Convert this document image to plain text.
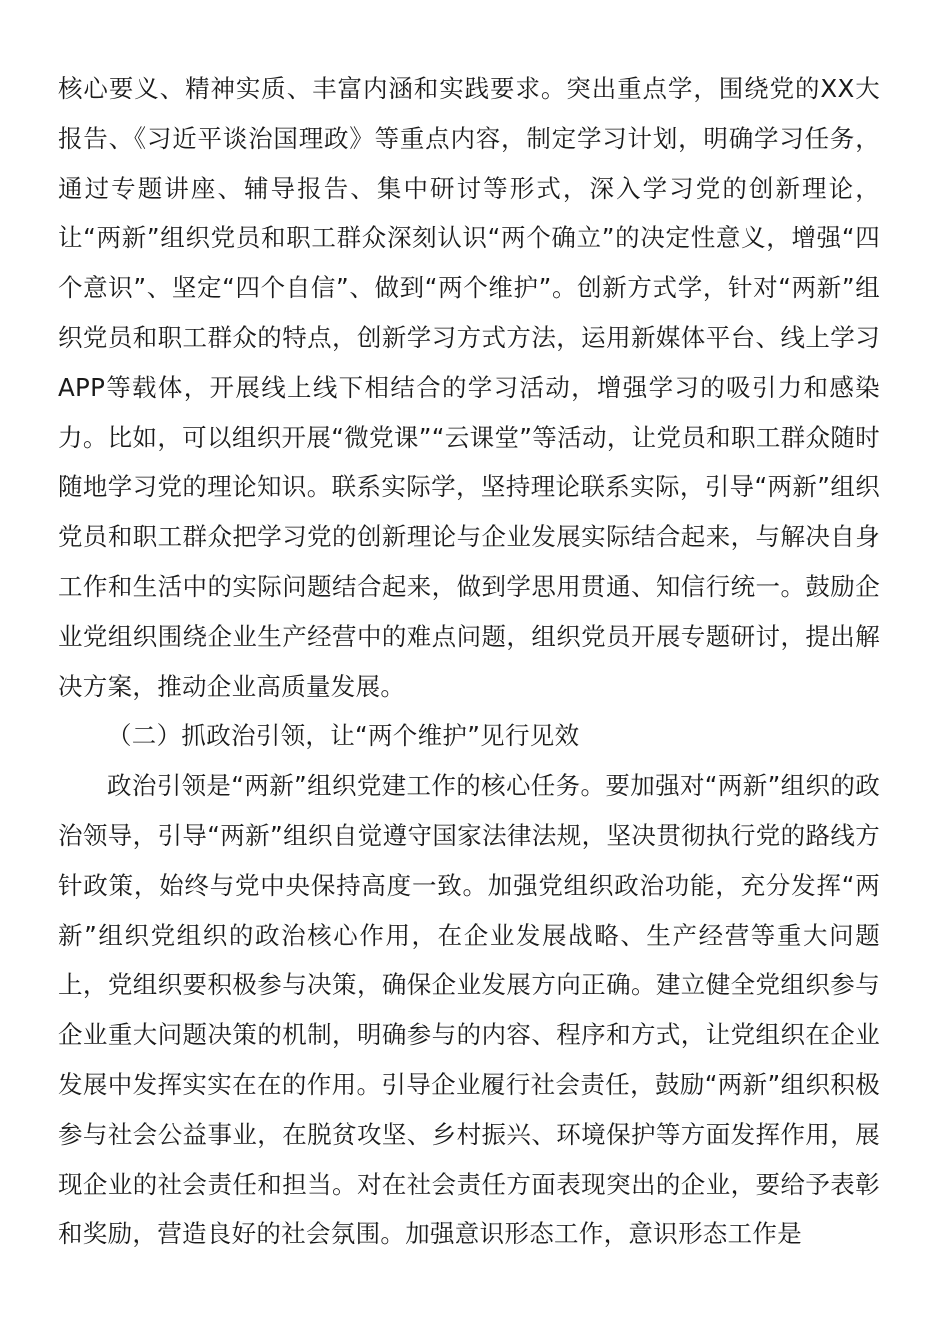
核心要义、精神实质、丰富内涵和实践要求。突出重点学，围绕党的XX大报告、《习近平谈治国理政》等重点内容，制定学习计划，明确学习任务，通过专题讲座、辅导报告、集中研讨等形式，深入学习党的创新理论，让“两新”组织党员和职工群众深刻认识“两个确立”的决定性意义，增强“四个意识”、坚定“四个自信”、做到“两个维护”。创新方式学，针对“两新”组织党员和职工群众的特点，创新学习方式方法，运用新媒体平台、线上学习APP等载体，开展线上线下相结合的学习活动，增强学习的吸引力和感染力。比如，可以组织开展“微党课”“云课堂”等活动，让党员和职工群众随时随地学习党的理论知识。联系实际学，坚持理论联系实际，引导“两新”组织党员和职工群众把学习党的创新理论与企业发展实际结合起来，与解决自身工作和生活中的实际问题结合起来，做到学思用贯通、知信行统一。鼓励企业党组织围绕企业生产经营中的难点问题，组织党员开展专题研讨，提出解决方案，推动企业高质量发展。

（二）抓政治引领，让“两个维护”见行见效

政治引领是“两新”组织党建工作的核心任务。要加强对“两新”组织的政治领导，引导“两新”组织自觉遵守国家法律法规，坚决贯彻执行党的路线方针政策，始终与党中央保持高度一致。加强党组织政治功能，充分发挥“两新”组织党组织的政治核心作用，在企业发展战略、生产经营等重大问题上，党组织要积极参与决策，确保企业发展方向正确。建立健全党组织参与企业重大问题决策的机制，明确参与的内容、程序和方式，让党组织在企业发展中发挥实实在在的作用。引导企业履行社会责任，鼓励“两新”组织积极参与社会公益事业，在脱贫攻坚、乡村振兴、环境保护等方面发挥作用，展现企业的社会责任和担当。对在社会责任方面表现突出的企业，要给予表彰和奖励，营造良好的社会氛围。加强意识形态工作，意识形态工作是
